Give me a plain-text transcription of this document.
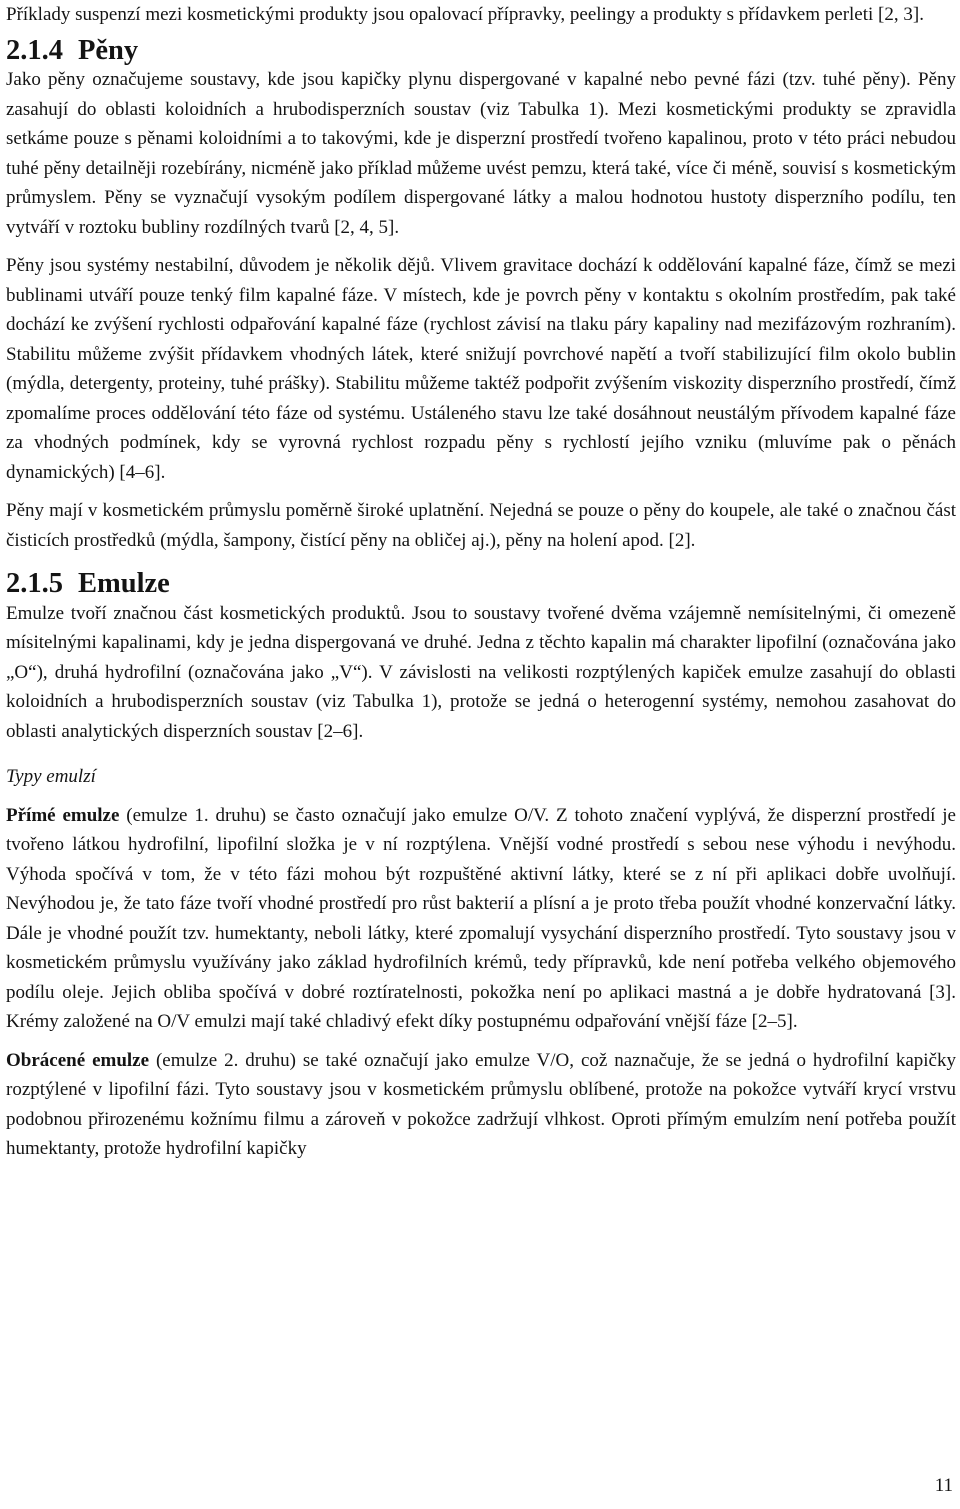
Příklady suspenzí mezi kosmetickými produkty jsou opalovací přípravky, peelingy a produkty s přídavkem perleti [2, 3].

2.1.4 Pěny

Jako pěny označujeme soustavy, kde jsou kapičky plynu dispergované v kapalné nebo pevné fázi (tzv. tuhé pěny). Pěny zasahují do oblasti koloidních a hrubodisperzních soustav (viz Tabulka 1). Mezi kosmetickými produkty se zpravidla setkáme pouze s pěnami koloidními a to takovými, kde je disperzní prostředí tvořeno kapalinou, proto v této práci nebudou tuhé pěny detailněji rozebírány, nicméně jako příklad můžeme uvést pemzu, která také, více či méně, souvisí s kosmetickým průmyslem. Pěny se vyznačují vysokým podílem dispergované látky a malou hodnotou hustoty disperzního podílu, ten vytváří v roztoku bubliny rozdílných tvarů [2, 4, 5].

Pěny jsou systémy nestabilní, důvodem je několik dějů. Vlivem gravitace dochází k oddělování kapalné fáze, čímž se mezi bublinami utváří pouze tenký film kapalné fáze. V místech, kde je povrch pěny v kontaktu s okolním prostředím, pak také dochází ke zvýšení rychlosti odpařování kapalné fáze (rychlost závisí na tlaku páry kapaliny nad mezifázovým rozhraním). Stabilitu můžeme zvýšit přídavkem vhodných látek, které snižují povrchové napětí a tvoří stabilizující film okolo bublin (mýdla, detergenty, proteiny, tuhé prášky). Stabilitu můžeme taktéž podpořit zvýšením viskozity disperzního prostředí, čímž zpomalíme proces oddělování této fáze od systému. Ustáleného stavu lze také dosáhnout neustálým přívodem kapalné fáze za vhodných podmínek, kdy se vyrovná rychlost rozpadu pěny s rychlostí jejího vzniku (mluvíme pak o pěnách dynamických) [4–6].

Pěny mají v kosmetickém průmyslu poměrně široké uplatnění. Nejedná se pouze o pěny do koupele, ale také o značnou část čisticích prostředků (mýdla, šampony, čistící pěny na obličej aj.), pěny na holení apod. [2].

2.1.5 Emulze

Emulze tvoří značnou část kosmetických produktů. Jsou to soustavy tvořené dvěma vzájemně nemísitelnými, či omezeně mísitelnými kapalinami, kdy je jedna dispergovaná ve druhé. Jedna z těchto kapalin má charakter lipofilní (označována jako „O“), druhá hydrofilní (označována jako „V“). V závislosti na velikosti rozptýlených kapiček emulze zasahují do oblasti koloidních a hrubodisperzních soustav (viz Tabulka 1), protože se jedná o heterogenní systémy, nemohou zasahovat do oblasti analytických disperzních soustav [2–6].

Typy emulzí

Přímé emulze (emulze 1. druhu) se často označují jako emulze O/V. Z tohoto značení vyplývá, že disperzní prostředí je tvořeno látkou hydrofilní, lipofilní složka je v ní rozptýlena. Vnější vodné prostředí s sebou nese výhodu i nevýhodu. Výhoda spočívá v tom, že v této fázi mohou být rozpuštěné aktivní látky, které se z ní při aplikaci dobře uvolňují. Nevýhodou je, že tato fáze tvoří vhodné prostředí pro růst bakterií a plísní a je proto třeba použít vhodné konzervační látky. Dále je vhodné použít tzv. humektanty, neboli látky, které zpomalují vysychání disperzního prostředí. Tyto soustavy jsou v kosmetickém průmyslu využívány jako základ hydrofilních krémů, tedy přípravků, kde není potřeba velkého objemového podílu oleje. Jejich obliba spočívá v dobré roztíratelnosti, pokožka není po aplikaci mastná a je dobře hydratovaná [3]. Krémy založené na O/V emulzi mají také chladivý efekt díky postupnému odpařování vnější fáze [2–5].

Obrácené emulze (emulze 2. druhu) se také označují jako emulze V/O, což naznačuje, že se jedná o hydrofilní kapičky rozptýlené v lipofilní fázi. Tyto soustavy jsou v kosmetickém průmyslu oblíbené, protože na pokožce vytváří krycí vrstvu podobnou přirozenému kožnímu filmu a zároveň v pokožce zadržují vlhkost. Oproti přímým emulzím není potřeba použít humektanty, protože hydrofilní kapičky

11
